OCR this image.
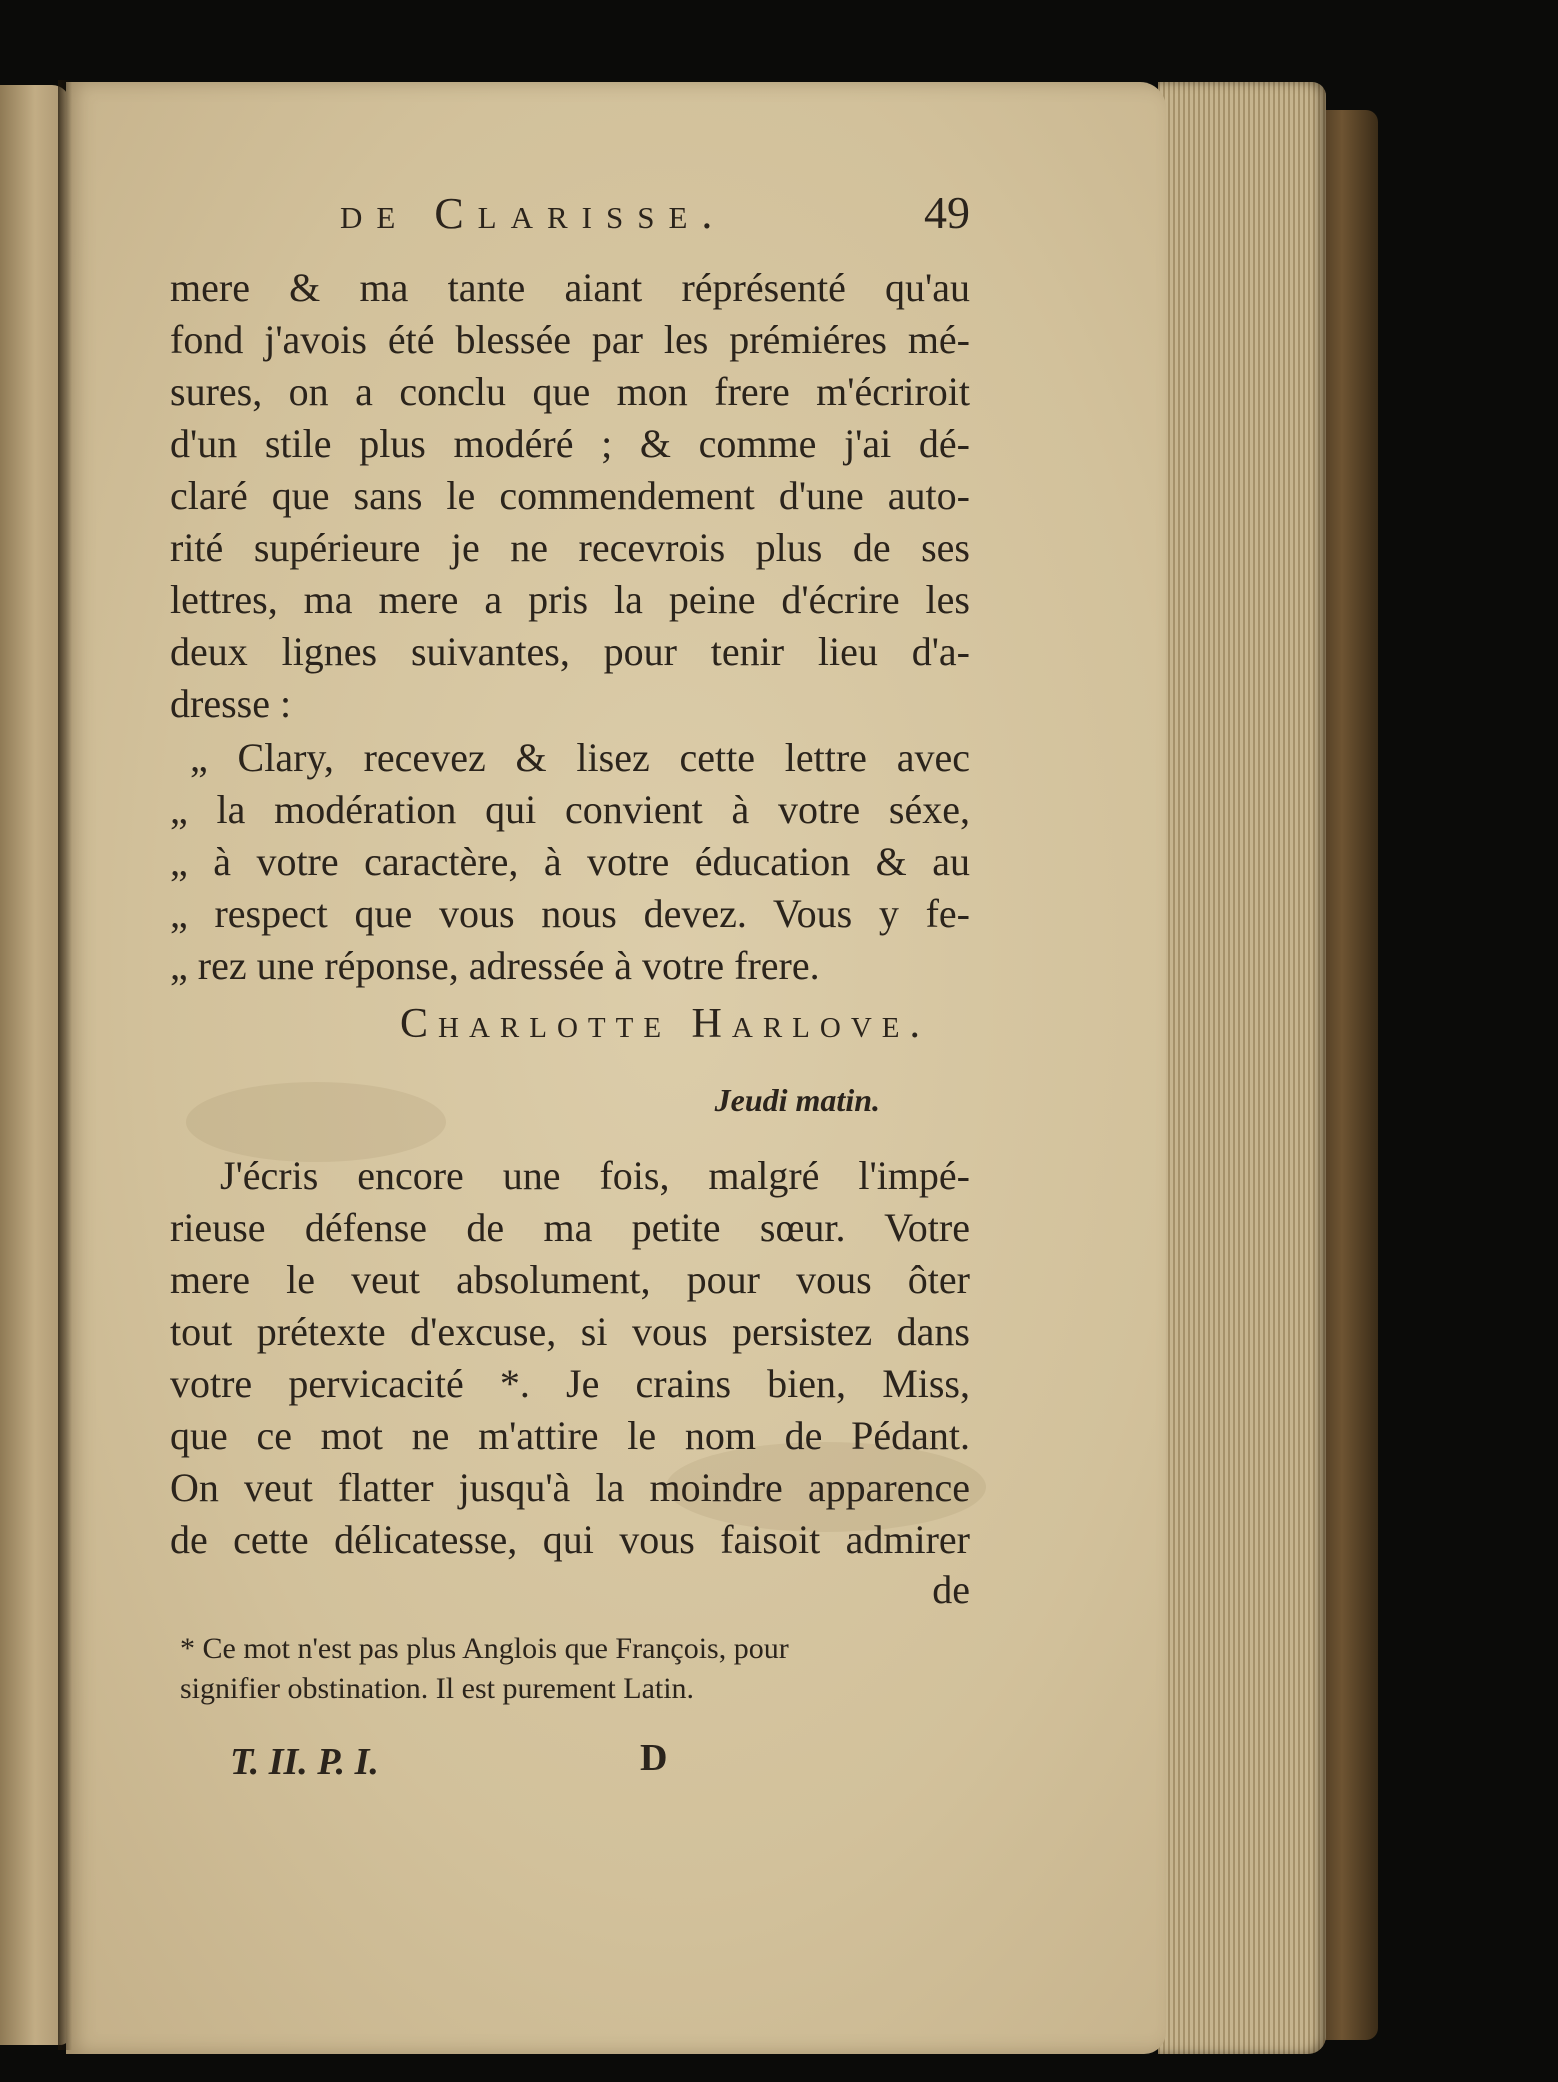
de Clarisse.	49
mere & ma tante aiant réprésenté qu'au
fond j'avois été blessée par les prémiéres mé-
sures, on a conclu que mon frere m'écriroit
d'un stile plus modéré ; & comme j'ai dé-
claré que sans le commendement d'une auto-
rité supérieure je ne recevrois plus de ses
lettres, ma mere a pris la peine d'écrire les
deux lignes suivantes, pour tenir lieu d'a-
dresse :
„ Clary, recevez & lisez cette lettre avec
„ la modération qui convient à votre séxe,
„ à votre caractère, à votre éducation & au
„ respect que vous nous devez. Vous y fe-
„ rez une réponse, adressée à votre frere.
Charlotte Harlove.
Jeudi matin.
J'écris encore une fois, malgré l'impé-
rieuse défense de ma petite sœur. Votre
mere le veut absolument, pour vous ôter
tout prétexte d'excuse, si vous persistez dans
votre pervicacité *. Je crains bien, Miss,
que ce mot ne m'attire le nom de Pédant.
On veut flatter jusqu'à la moindre apparence
de cette délicatesse, qui vous faisoit admirer
de
* Ce mot n'est pas plus Anglois que François, pour
signifier obstination. Il est purement Latin.
T. II. P. I.	D
